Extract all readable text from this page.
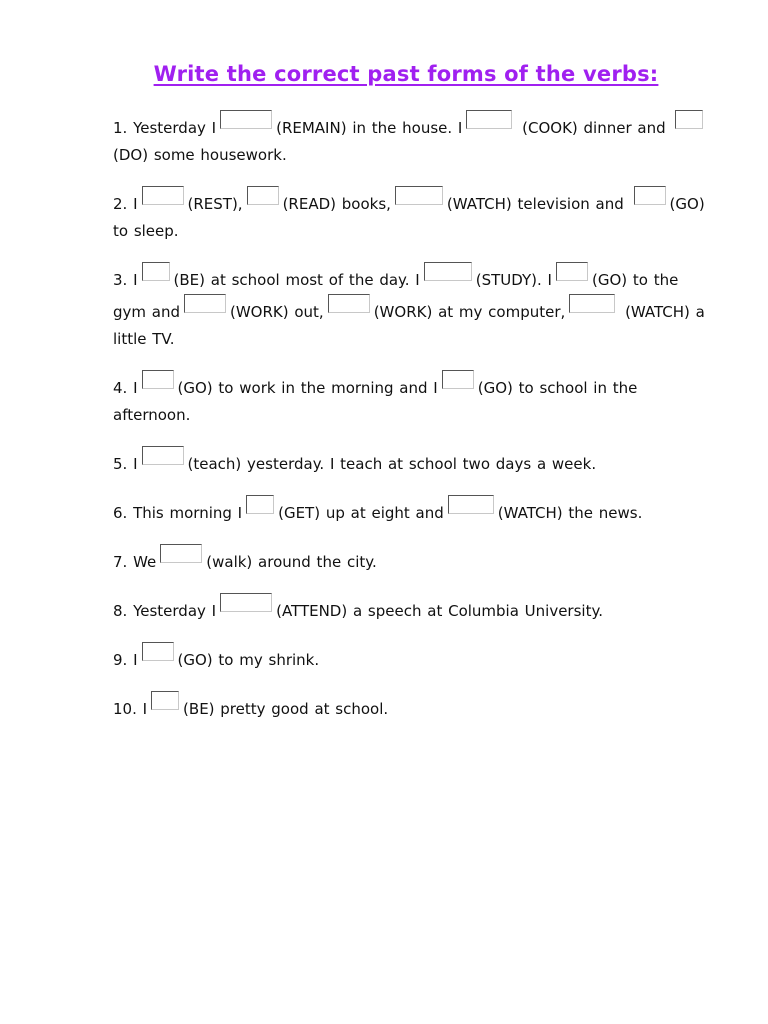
Write the correct past forms of the verbs:
1. Yesterday I	(REMAIN) in the house. I	(COOK) dinner and (DO) some housework.
2. I	(REST),	(READ) books,	(WATCH) television and	(GO) to sleep.
3. I (BE) at school most of the day. I	(STUDY). I	(GO) to the gym and	(WORK) out,	(WORK) at my computer,	(WATCH) a little TV.
4. I	(GO) to work in the morning and I	(GO) to school in the afternoon.
5. I	(teach) yesterday. I teach at school two days a week.
6. This morning I (GET) up at eight and	(WATCH) the news.
7. We	(walk) around the city.
8. Yesterday I	(ATTEND) a speech at Columbia University.
9. I	(GO) to my shrink.
10. I (BE) pretty good at school.
